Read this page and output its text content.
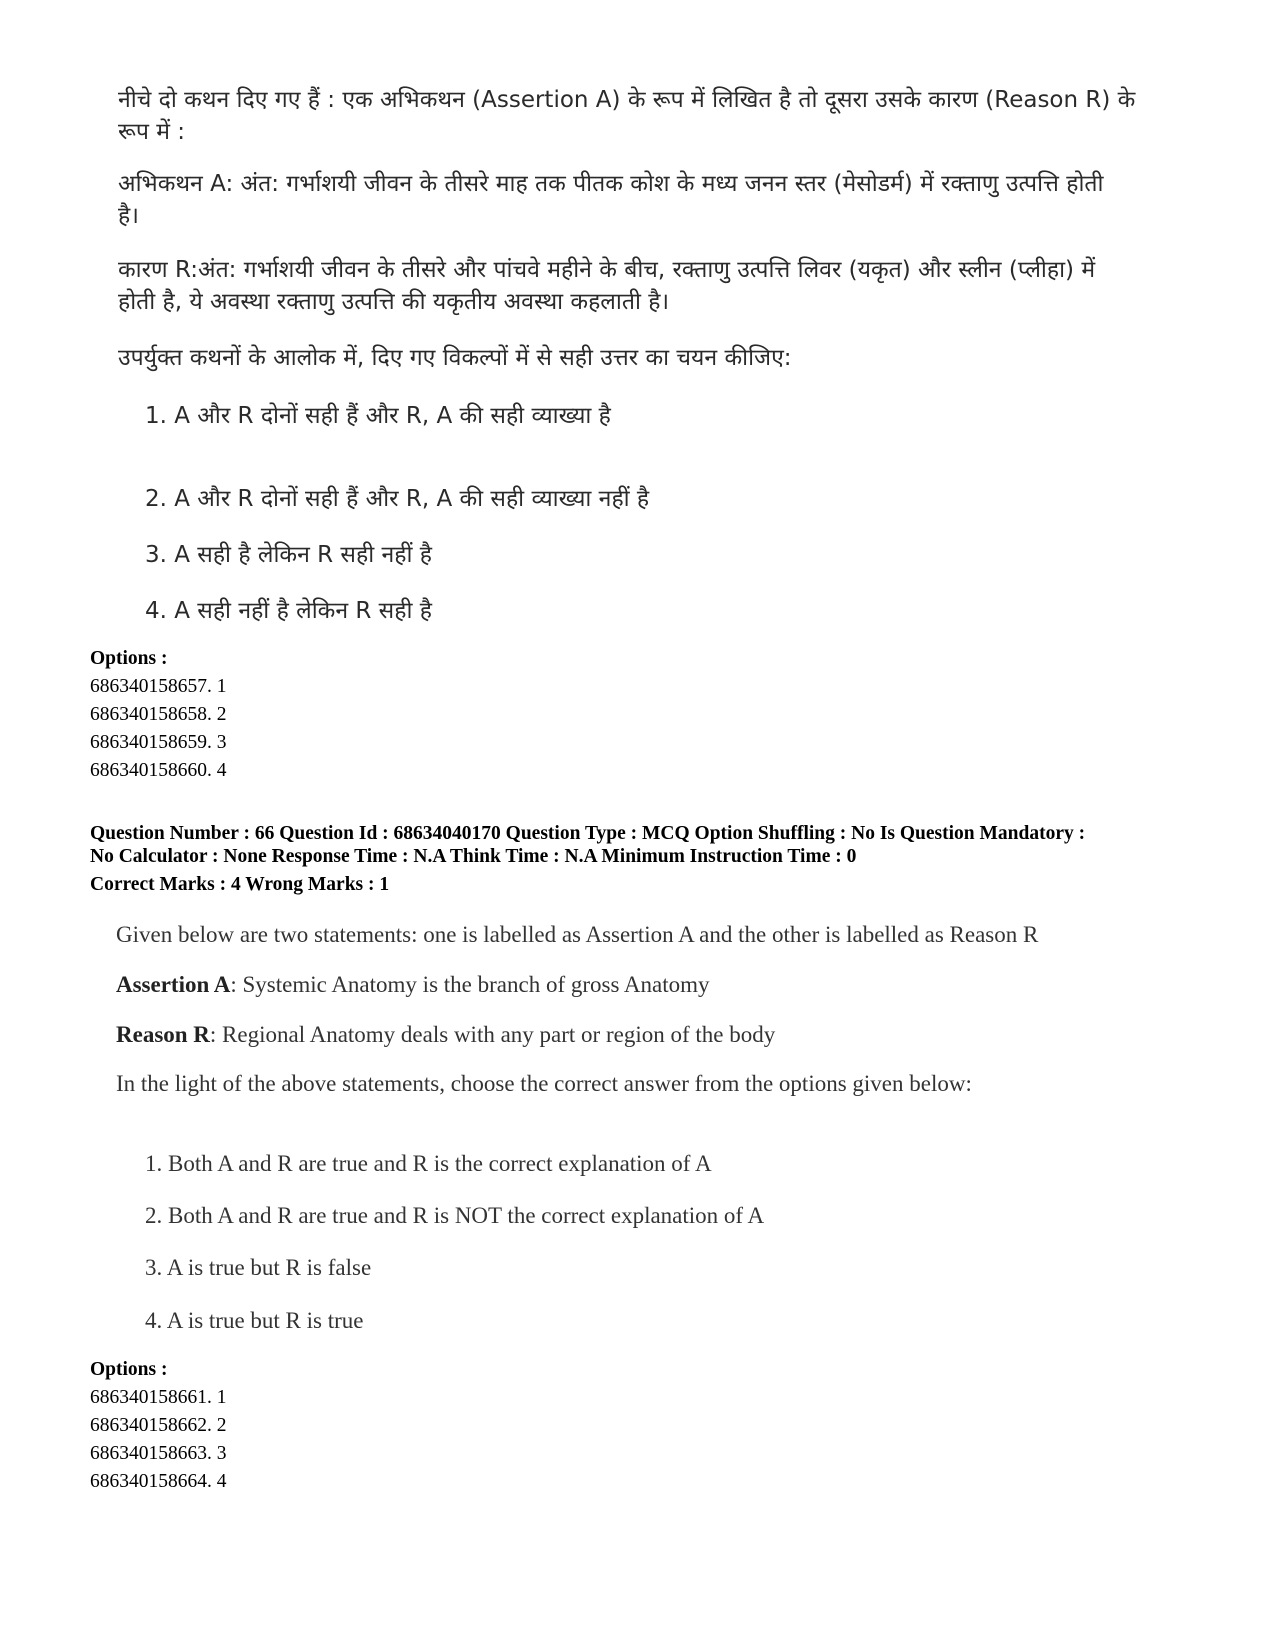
नीचे दो कथन दिए गए हैं : एक अभिकथन (Assertion A) के रूप में लिखित है तो दूसरा उसके कारण (Reason R) के
रूप में :
अभिकथन A: अंत: गर्भाशयी जीवन के तीसरे माह तक पीतक कोश के मध्य जनन स्तर (मेसोडर्म) में रक्ताणु उत्पत्ति होती
है।
कारण R:अंत: गर्भाशयी जीवन के तीसरे और पांचवे महीने के बीच, रक्ताणु उत्पत्ति लिवर (यकृत) और स्लीन (प्लीहा) में
होती है, ये अवस्था रक्ताणु उत्पत्ति की यकृतीय अवस्था कहलाती है।
उपर्युक्त कथनों के आलोक में, दिए गए विकल्पों में से सही उत्तर का चयन कीजिए:
1. A और R दोनों सही हैं और R, A की सही व्याख्या है
2. A और R दोनों सही हैं और R, A की सही व्याख्या नहीं है
3. A सही है लेकिन R सही नहीं है
4. A सही नहीं है लेकिन R सही है
Options :
686340158657. 1
686340158658. 2
686340158659. 3
686340158660. 4
Question Number : 66 Question Id : 68634040170 Question Type : MCQ Option Shuffling : No Is Question Mandatory :
No Calculator : None Response Time : N.A Think Time : N.A Minimum Instruction Time : 0
Correct Marks : 4 Wrong Marks : 1
Given below are two statements: one is labelled as Assertion A and the other is labelled as Reason R
Assertion A: Systemic Anatomy is the branch of gross Anatomy
Reason R: Regional Anatomy deals with any part or region of the body
In the light of the above statements, choose the correct answer from the options given below:
1. Both A and R are true and R is the correct explanation of A
2. Both A and R are true and R is NOT the correct explanation of A
3. A is true but R is false
4. A is true but R is true
Options :
686340158661. 1
686340158662. 2
686340158663. 3
686340158664. 4
